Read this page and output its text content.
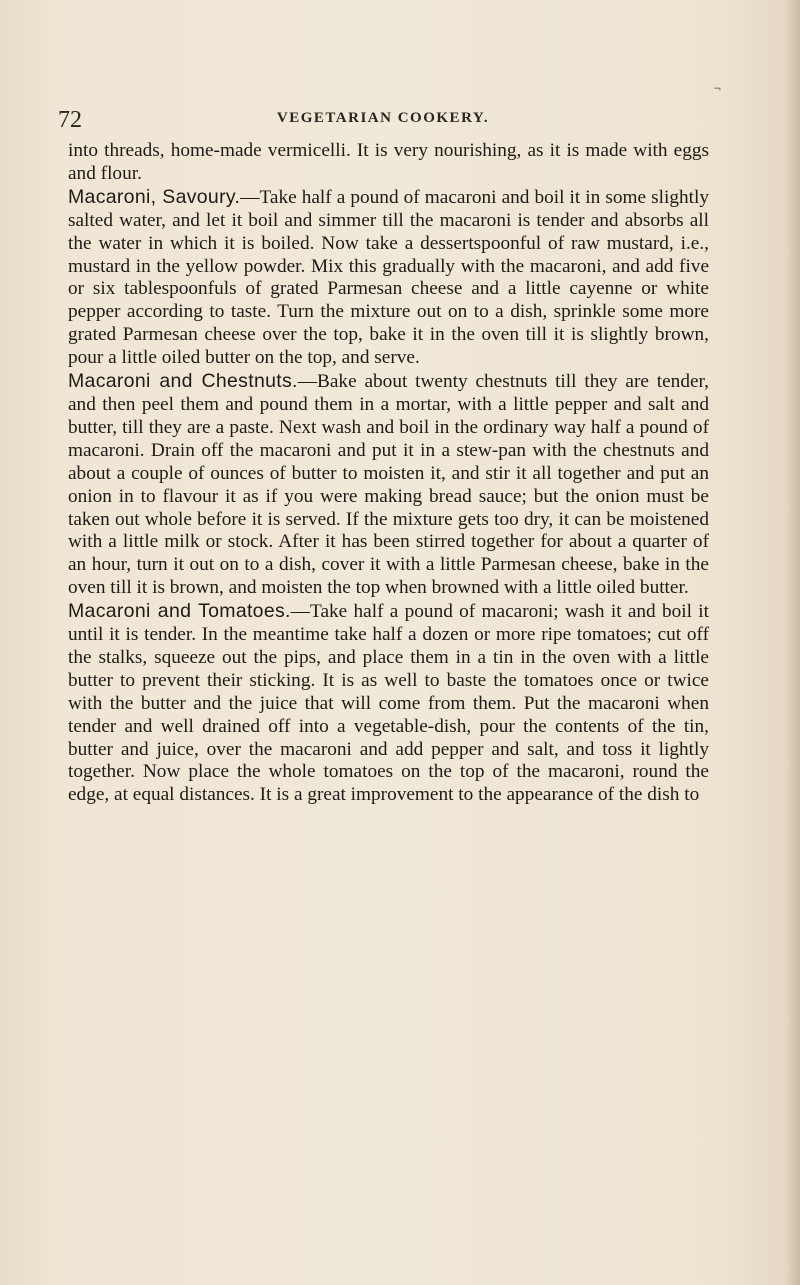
¬
72	VEGETARIAN COOKERY.

into threads, home-made vermicelli. It is very nourishing, as it is made with eggs and flour.

Macaroni, Savoury.—Take half a pound of macaroni and boil it in some slightly salted water, and let it boil and simmer till the macaroni is tender and absorbs all the water in which it is boiled. Now take a dessertspoonful of raw mustard, i.e., mustard in the yellow powder. Mix this gradually with the macaroni, and add five or six tablespoonfuls of grated Parmesan cheese and a little cayenne or white pepper according to taste. Turn the mixture out on to a dish, sprinkle some more grated Parmesan cheese over the top, bake it in the oven till it is slightly brown, pour a little oiled butter on the top, and serve.

Macaroni and Chestnuts.—Bake about twenty chestnuts till they are tender, and then peel them and pound them in a mortar, with a little pepper and salt and butter, till they are a paste. Next wash and boil in the ordinary way half a pound of macaroni. Drain off the macaroni and put it in a stew-pan with the chestnuts and about a couple of ounces of butter to moisten it, and stir it all together and put an onion in to flavour it as if you were making bread sauce; but the onion must be taken out whole before it is served. If the mixture gets too dry, it can be moistened with a little milk or stock. After it has been stirred together for about a quarter of an hour, turn it out on to a dish, cover it with a little Parmesan cheese, bake in the oven till it is brown, and moisten the top when browned with a little oiled butter.

Macaroni and Tomatoes.—Take half a pound of macaroni; wash it and boil it until it is tender. In the meantime take half a dozen or more ripe tomatoes; cut off the stalks, squeeze out the pips, and place them in a tin in the oven with a little butter to prevent their sticking. It is as well to baste the tomatoes once or twice with the butter and the juice that will come from them. Put the macaroni when tender and well drained off into a vegetable-dish, pour the contents of the tin, butter and juice, over the macaroni and add pepper and salt, and toss it lightly together. Now place the whole tomatoes on the top of the macaroni, round the edge, at equal distances. It is a great improvement to the appearance of the dish to
